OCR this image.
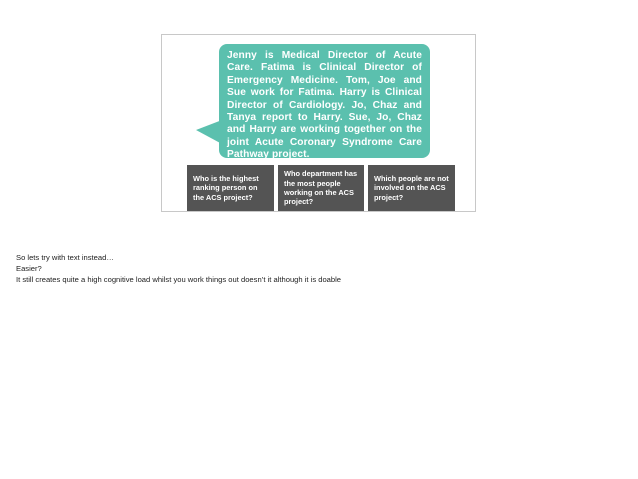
Jenny is Medical Director of Acute Care. Fatima is Clinical Director of Emergency Medicine. Tom, Joe and Sue work for Fatima. Harry is Clinical Director of Cardiology. Jo, Chaz and Tanya report to Harry. Sue, Jo, Chaz and Harry are working together on the joint Acute Coronary Syndrome Care Pathway project.

Who is the highest ranking person on the ACS project?
Who department has the most people working on the ACS project?
Which people are not involved on the ACS project?
So lets try with text instead…
Easier?
It still creates quite a high cognitive load whilst you work things out doesn’t it although it is doable
